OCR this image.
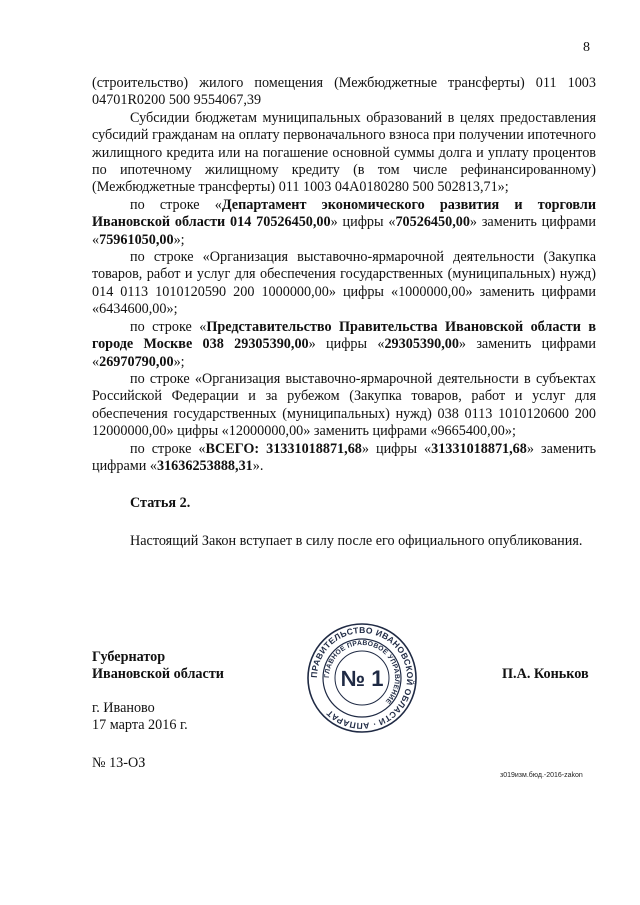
8

(строительство) жилого помещения (Межбюджетные трансферты) 011 1003 04701R0200 500 9554067,39

Субсидии бюджетам муниципальных образований в целях предоставления субсидий гражданам на оплату первоначального взноса при получении ипотечного жилищного кредита или на погашение основной суммы долга и уплату процентов по ипотечному жилищному кредиту (в том числе рефинансированному) (Межбюджетные трансферты) 011 1003 04А0180280 500 502813,71»;

по строке «Департамент экономического развития и торговли Ивановской области 014 70526450,00» цифры «70526450,00» заменить цифрами «75961050,00»;

по строке «Организация выставочно-ярмарочной деятельности (Закупка товаров, работ и услуг для обеспечения государственных (муниципальных) нужд) 014 0113 1010120590 200 1000000,00» цифры «1000000,00» заменить цифрами «6434600,00»;

по строке «Представительство Правительства Ивановской области в городе Москве 038 29305390,00» цифры «29305390,00» заменить цифрами «26970790,00»;

по строке «Организация выставочно-ярмарочной деятельности в субъектах Российской Федерации и за рубежом (Закупка товаров, работ и услуг для обеспечения государственных (муниципальных) нужд) 038 0113 1010120600 200 12000000,00» цифры «12000000,00» заменить цифрами «9665400,00»;

по строке «ВСЕГО: 31331018871,68» цифры «31331018871,68» заменить цифрами «31636253888,31».

Статья 2.

Настоящий Закон вступает в силу после его официального опубликования.

Губернатор
Ивановской области	П.А. Коньков
ПРАВИТЕЛЬСТВО ИВАНОВСКОЙ ОБЛАСТИ · АППАРАТ
ГЛАВНОЕ ПРАВОВОЕ УПРАВЛЕНИЕ
№ 1
г. Иваново
17 марта 2016 г.
№ 13-ОЗ
з019изм.бюд.-2016-zakon
